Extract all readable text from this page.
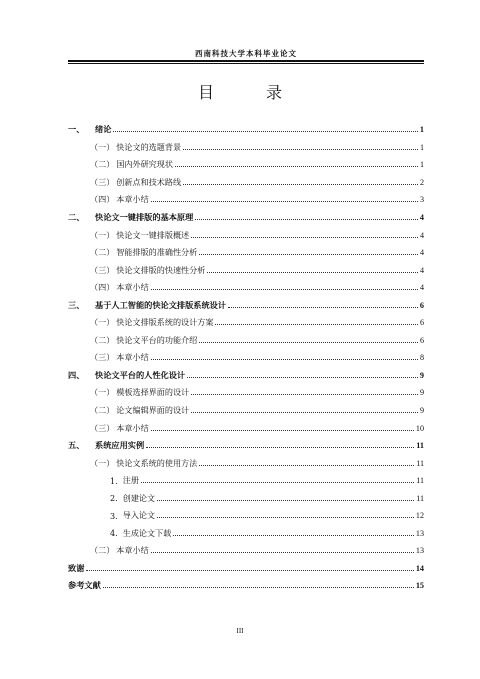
西南科技大学本科毕业论文
目　录
一、	绪论	1
（一） 快论文的选题背景	1
（二） 国内外研究现状	1
（三） 创新点和技术路线	2
（四） 本章小结	3
二、	快论文一键排版的基本原理	4
（一） 快论文一键排版概述	4
（二） 智能排版的准确性分析	4
（三） 快论文排版的快速性分析	4
（四） 本章小结	4
三、	基于人工智能的快论文排版系统设计	6
（一） 快论文排版系统的设计方案	6
（二） 快论文平台的功能介绍	6
（三） 本章小结	8
四、	快论文平台的人性化设计	9
（一） 模板选择界面的设计	9
（二） 论文编辑界面的设计	9
（三） 本章小结	10
五、	系统应用实例	11
（一） 快论文系统的使用方法	11
1. 注册	11
2. 创建论文	11
3. 导入论文	12
4. 生成论文下载	13
（二） 本章小结	13
致谢	14
参考文献	15
III
